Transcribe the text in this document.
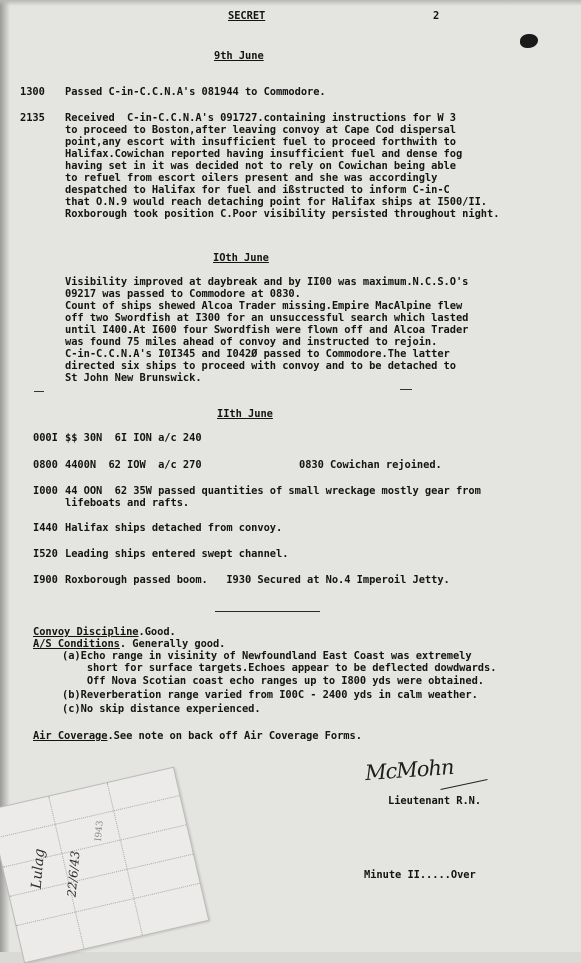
SECRET	2
9th June
1300 Passed C-in-C.C.N.A's 081944 to Commodore.
2135 Received  C-in-C.C.N.A's 091727.containing instructions for W 3
to proceed to Boston,after leaving convoy at Cape Cod dispersal
point,any escort with insufficient fuel to proceed forthwith to
Halifax.Cowichan reported having insufficient fuel and dense fog
having set in it was decided not to rely on Cowichan being able
to refuel from escort oilers present and she was accordingly
despatched to Halifax for fuel and ißstructed to inform C-in-C
that O.N.9 would reach detaching point for Halifax ships at I500/II.
Roxborough took position C.Poor visibility persisted throughout night.
IOth June
Visibility improved at daybreak and by II00 was maximum.N.C.S.O's
09217 was passed to Commodore at 0830.
Count of ships shewed Alcoa Trader missing.Empire MacAlpine flew
off two Swordfish at I300 for an unsuccessful search which lasted
until I400.At I600 four Swordfish were flown off and Alcoa Trader
was found 75 miles ahead of convoy and instructed to rejoin.
C-in-C.C.N.A's I0I345 and I042Ø passed to Commodore.The latter
directed six ships to proceed with convoy and to be detached to
St John New Brunswick.
IIth June
000I $$ 30N  6I ION a/c 240
0800 4400N  62 IOW  a/c 270	0830 Cowichan rejoined.
I000 44 OON  62 35W passed quantities of small wreckage mostly gear from
lifeboats and rafts.
I440 Halifax ships detached from convoy.
I520 Leading ships entered swept channel.
I900 Roxborough passed boom.   I930 Secured at No.4 Imperoil Jetty.
Convoy Discipline.Good.
A/S Conditions. Generally good.
(a)Echo range in visinity of Newfoundland East Coast was extremely
short for surface targets.Echoes appear to be deflected dowdwards.
Off Nova Scotian coast echo ranges up to I800 yds were obtained.
(b)Reverberation range varied from I00C - 2400 yds in calm weather.
(c)No skip distance experienced.
Air Coverage.See note on back off Air Coverage Forms.
McMohn
Lieutenant R.N.
Minute II.....Over
Lulag 22/6/43
I943
